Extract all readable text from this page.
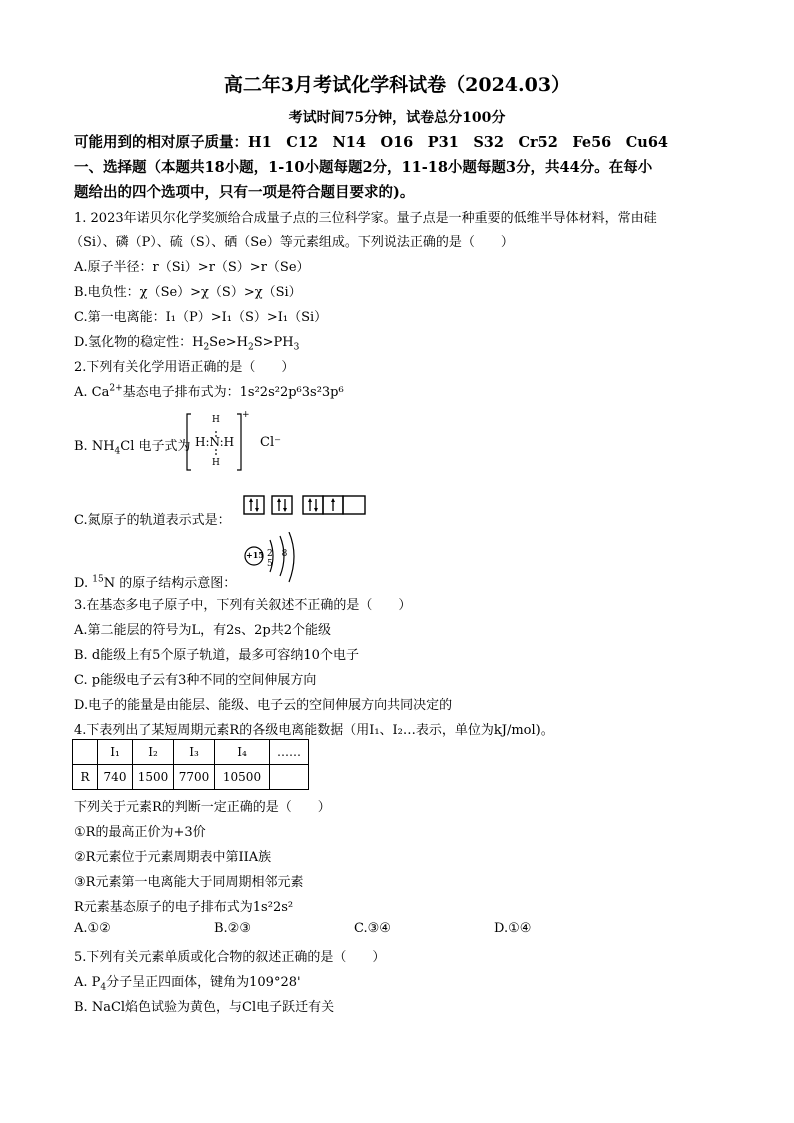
高二年3月考试化学科试卷（2024.03）
考试时间75分钟，试卷总分100分
可能用到的相对原子质量：H1　C12　N14　O16　P31　S32　Cr52　Fe56　Cu64
一、选择题（本题共18小题，1-10小题每题2分，11-18小题每题3分，共44分。在每小
题给出的四个选项中，只有一项是符合题目要求的)。
1. 2023年诺贝尔化学奖颁给合成量子点的三位科学家。量子点是一种重要的低维半导体材料，常由硅
（Si）、磷（P）、硫（S）、硒（Se）等元素组成。下列说法正确的是（　　）
A.原子半径：r（Si）>r（S）>r（Se）
B.电负性：χ（Se）>χ（S）>χ（Si）
C.第一电离能：I₁（P）>I₁（S）>I₁（Si）
D.氢化物的稳定性：$H_2Se>H_2S>PH_3$
2.下列有关化学用语正确的是（　　）
A. $Ca^{2+}$基态电子排布式为：1s²2s²2p⁶3s²3p⁶
B. $NH_4Cl$ 电子式为
H
H:N:H
H
+
Cl⁻
C.氮原子的轨道表示式是：
D. $^{15}$N 的原子结构示意图：
+15 2 8 5
3.在基态多电子原子中，下列有关叙述不正确的是（　　）
A.第二能层的符号为L，有2s、2p共2个能级
B. d能级上有5个原子轨道，最多可容纳10个电子
C. p能级电子云有3种不同的空间伸展方向
D.电子的能量是由能层、能级、电子云的空间伸展方向共同决定的
4.下表列出了某短周期元素R的各级电离能数据（用I₁、I₂…表示，单位为kJ/mol)。
	I₁	I₂	I₃	I₄	……
R	740	1500	7700	10500	
下列关于元素R的判断一定正确的是（　　）
①R的最高正价为+3价
②R元素位于元素周期表中第IIA族
③R元素第一电离能大于同周期相邻元素
R元素基态原子的电子排布式为1s²2s²
A.①②	B.②③	C.③④	D.①④
5.下列有关元素单质或化合物的叙述正确的是（　　）
A. $P_4$分子呈正四面体，键角为109°28'
B. NaCl焰色试验为黄色，与Cl电子跃迁有关
